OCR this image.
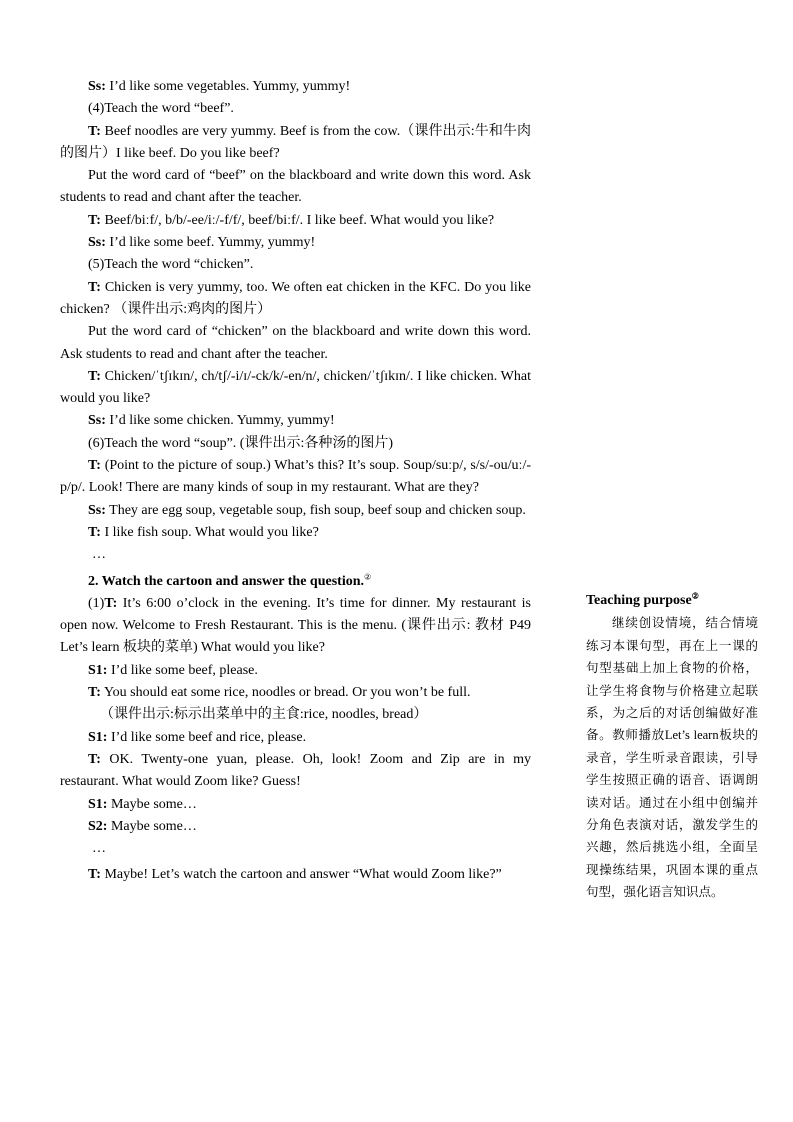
Ss: I’d like some vegetables. Yummy, yummy!

(4)Teach the word “beef”.

T: Beef noodles are very yummy. Beef is from the cow.（课件出示:牛和牛肉的图片）I like beef. Do you like beef?

Put the word card of “beef” on the blackboard and write down this word. Ask students to read and chant after the teacher.

T: Beef/biːf/, b/b/-ee/iː/-f/f/, beef/biːf/. I like beef. What would you like?

Ss: I’d like some beef. Yummy, yummy!

(5)Teach the word “chicken”.

T: Chicken is very yummy, too. We often eat chicken in the KFC. Do you like chicken? （课件出示:鸡肉的图片）

Put the word card of “chicken” on the blackboard and write down this word. Ask students to read and chant after the teacher.

T: Chicken/ˈtʃɪkɪn/, ch/tʃ/-i/ɪ/-ck/k/-en/n/, chicken/ˈtʃɪkɪn/. I like chicken. What would you like?

Ss: I’d like some chicken. Yummy, yummy!

(6)Teach the word “soup”. (课件出示:各种汤的图片)

T: (Point to the picture of soup.) What’s this? It’s soup. Soup/suːp/, s/s/-ou/uː/-p/p/. Look! There are many kinds of soup in my restaurant. What are they?

Ss: They are egg soup, vegetable soup, fish soup, beef soup and chicken soup.

T: I like fish soup. What would you like?

…

2. Watch the cartoon and answer the question.②

(1)T: It’s 6:00 o’clock in the evening. It’s time for dinner. My restaurant is open now. Welcome to Fresh Restaurant. This is the menu. (课件出示: 教材 P49 Let’s learn 板块的菜单) What would you like?

S1: I’d like some beef, please.

T: You should eat some rice, noodles or bread. Or you won’t be full.

（课件出示:标示出菜单中的主食:rice, noodles, bread）

S1: I’d like some beef and rice, please.

T: OK. Twenty-one yuan, please. Oh, look! Zoom and Zip are in my restaurant. What would Zoom like? Guess!

S1: Maybe some…

S2: Maybe some…

…

T: Maybe! Let’s watch the cartoon and answer “What would Zoom like?”

Teaching purpose②

继续创设情境，结合情境练习本课句型，再在上一课的句型基础上加上食物的价格，让学生将食物与价格建立起联系，为之后的对话创编做好准备。教师播放Let’s learn板块的录音，学生听录音跟读，引导学生按照正确的语音、语调朗读对话。通过在小组中创编并分角色表演对话，激发学生的兴趣，然后挑选小组，全面呈现操练结果，巩固本课的重点句型，强化语言知识点。
